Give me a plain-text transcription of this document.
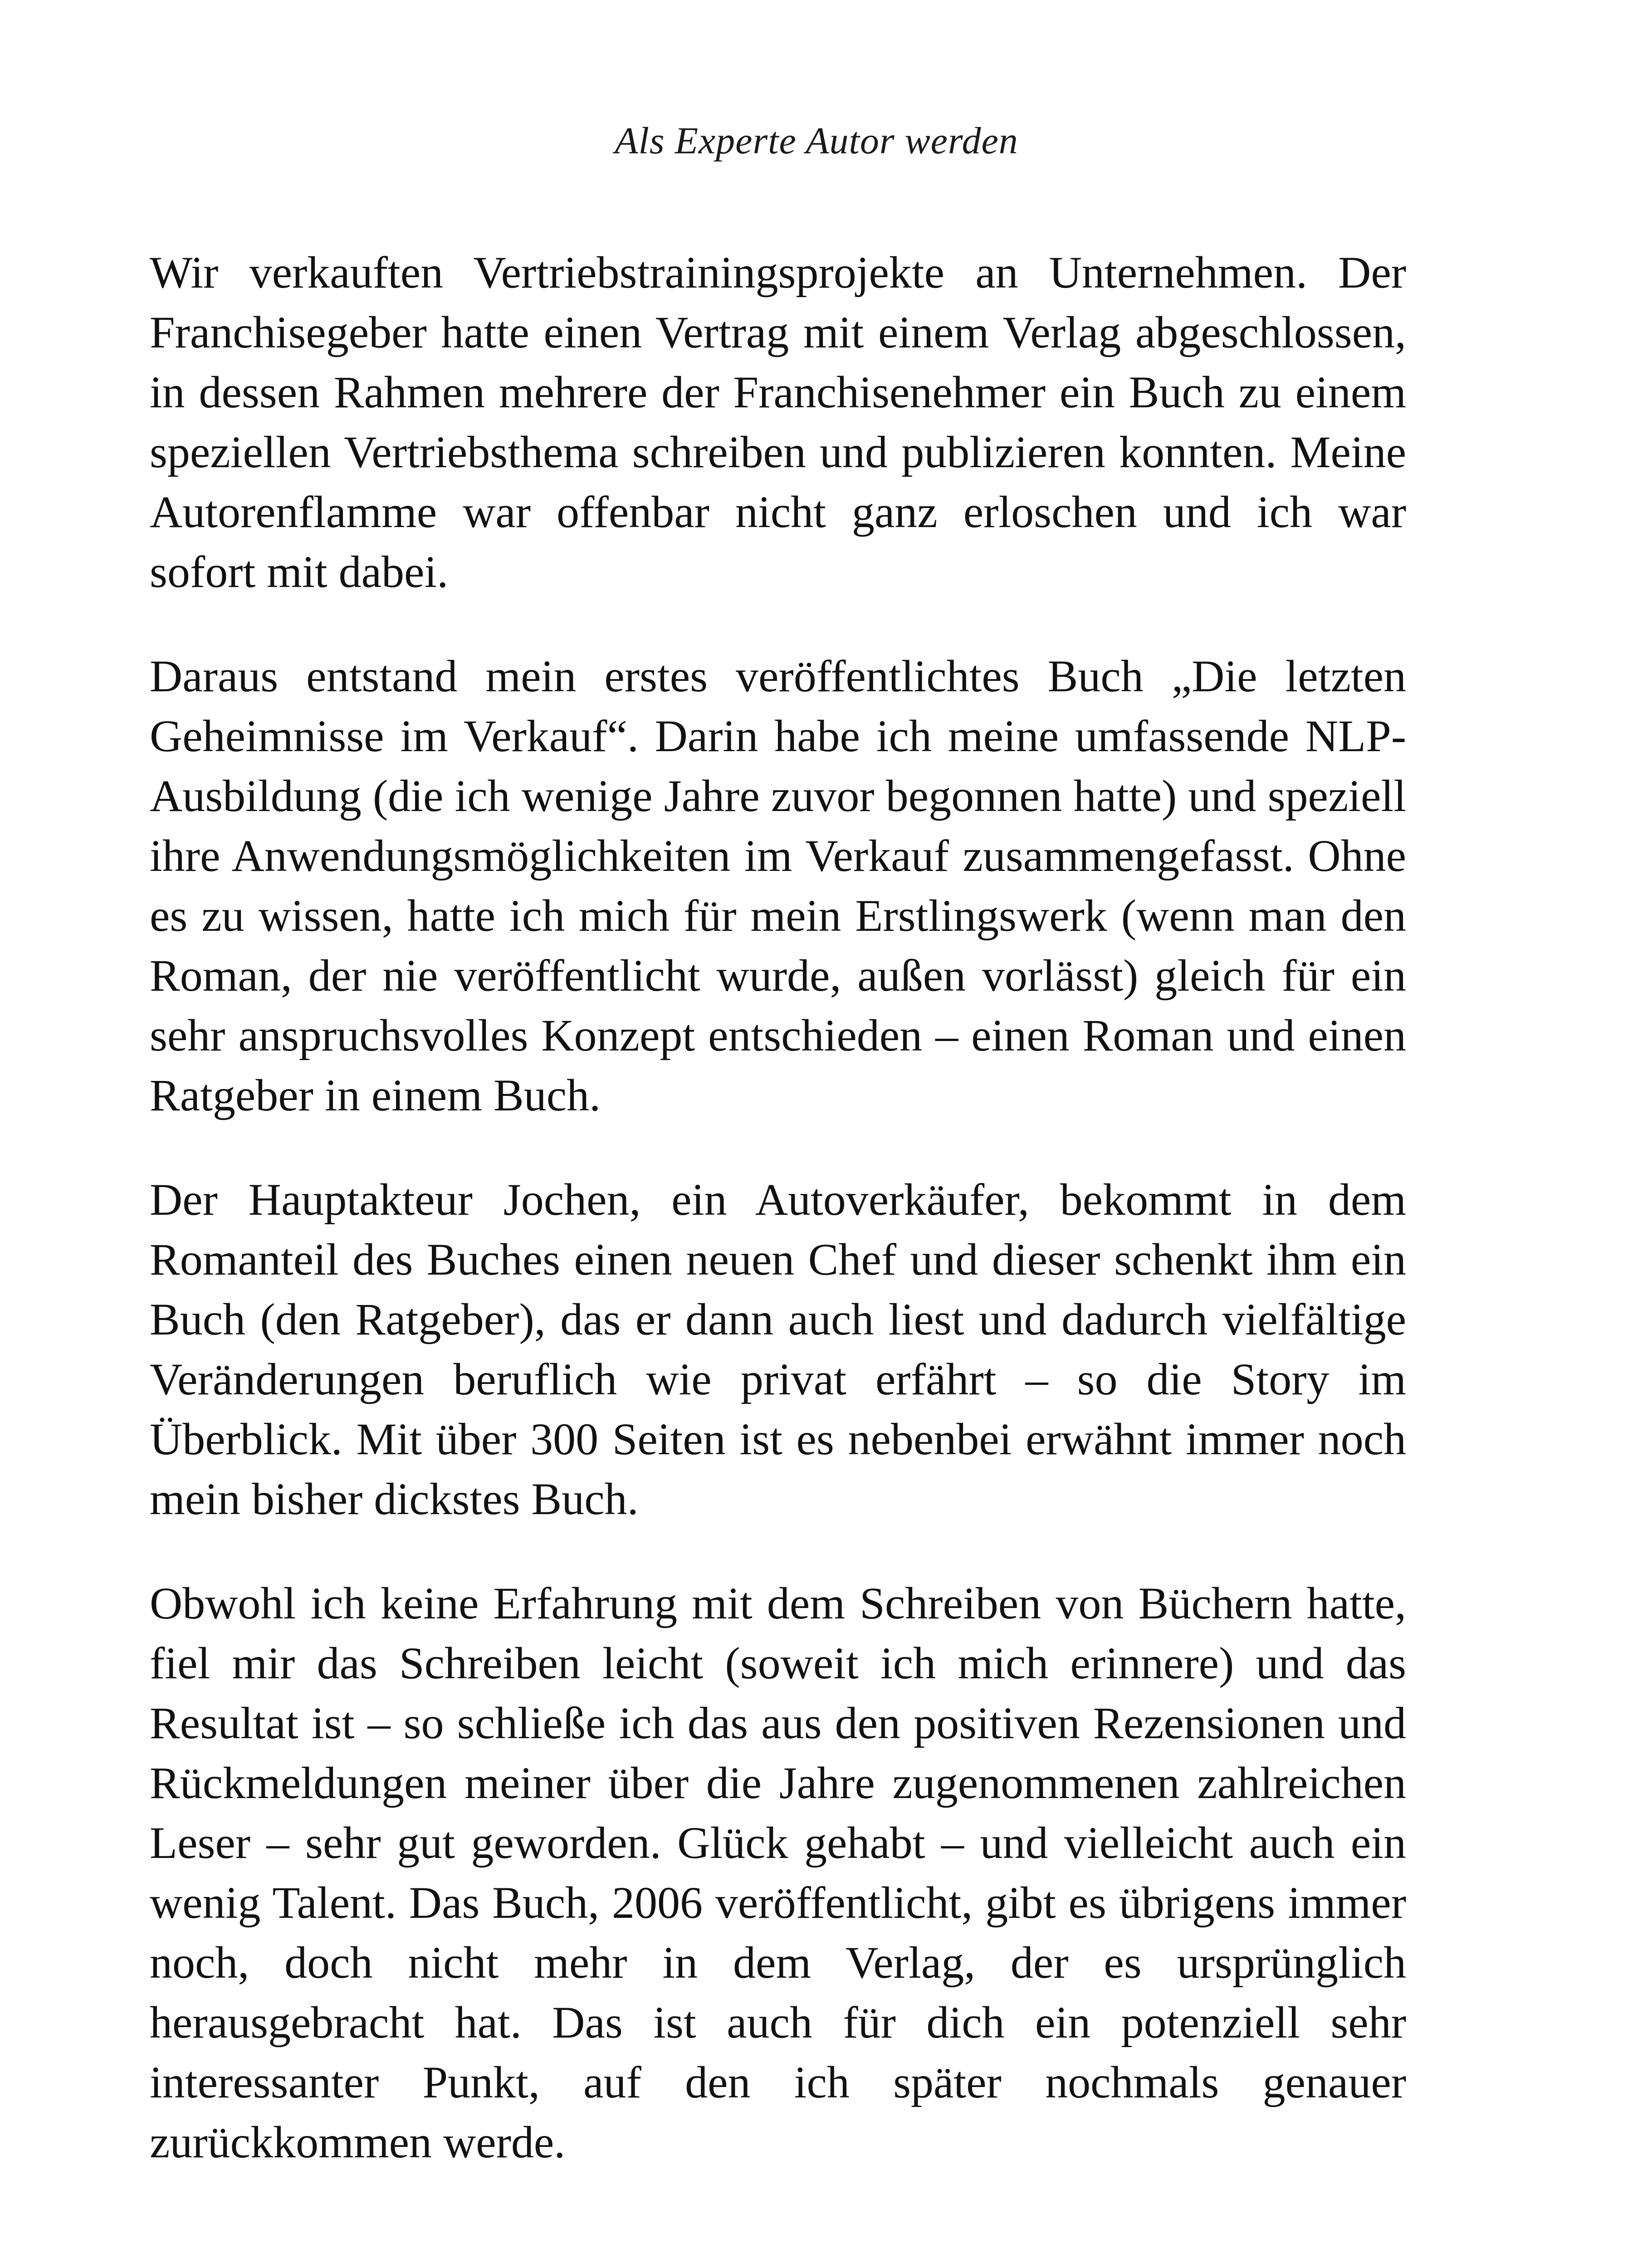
Als Experte Autor werden

Wir verkauften Vertriebstrainingsprojekte an Unternehmen. Der Franchisegeber hatte einen Vertrag mit einem Verlag abgeschlossen, in dessen Rahmen mehrere der Franchisenehmer ein Buch zu einem speziellen Vertriebsthema schreiben und publizieren konnten. Meine Autorenflamme war offenbar nicht ganz erloschen und ich war sofort mit dabei.

Daraus entstand mein erstes veröffentlichtes Buch „Die letzten Geheimnisse im Verkauf“. Darin habe ich meine umfassende NLP-Ausbildung (die ich wenige Jahre zuvor begonnen hatte) und speziell ihre Anwendungsmöglichkeiten im Verkauf zusammengefasst. Ohne es zu wissen, hatte ich mich für mein Erstlingswerk (wenn man den Roman, der nie veröffentlicht wurde, außen vorlässt) gleich für ein sehr anspruchsvolles Konzept entschieden – einen Roman und einen Ratgeber in einem Buch.

Der Hauptakteur Jochen, ein Autoverkäufer, bekommt in dem Romanteil des Buches einen neuen Chef und dieser schenkt ihm ein Buch (den Ratgeber), das er dann auch liest und dadurch vielfältige Veränderungen beruflich wie privat erfährt – so die Story im Überblick. Mit über 300 Seiten ist es nebenbei erwähnt immer noch mein bisher dickstes Buch.

Obwohl ich keine Erfahrung mit dem Schreiben von Büchern hatte, fiel mir das Schreiben leicht (soweit ich mich erinnere) und das Resultat ist – so schließe ich das aus den positiven Rezensionen und Rückmeldungen meiner über die Jahre zugenommenen zahlreichen Leser – sehr gut geworden. Glück gehabt – und vielleicht auch ein wenig Talent. Das Buch, 2006 veröffentlicht, gibt es übrigens immer noch, doch nicht mehr in dem Verlag, der es ursprünglich herausgebracht hat. Das ist auch für dich ein potenziell sehr interessanter Punkt, auf den ich später nochmals genauer zurückkommen werde.
